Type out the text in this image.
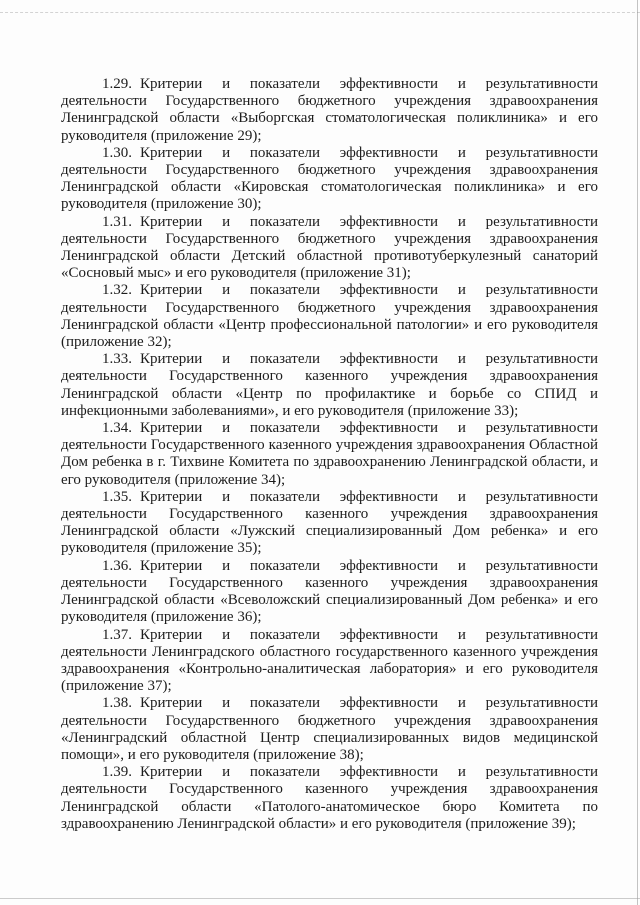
1.29. Критерии и показатели эффективности и результативности деятельности Государственного бюджетного учреждения здравоохранения Ленинградской области «Выборгская стоматологическая поликлиника» и его руководителя (приложение 29);

1.30. Критерии и показатели эффективности и результативности деятельности Государственного бюджетного учреждения здравоохранения Ленинградской области «Кировская стоматологическая поликлиника» и его руководителя (приложение 30);

1.31. Критерии и показатели эффективности и результативности деятельности Государственного бюджетного учреждения здравоохранения Ленинградской области Детский областной противотуберкулезный санаторий «Сосновый мыс» и его руководителя (приложение 31);

1.32. Критерии и показатели эффективности и результативности деятельности Государственного бюджетного учреждения здравоохранения Ленинградской области «Центр профессиональной патологии» и его руководителя (приложение 32);

1.33. Критерии и показатели эффективности и результативности деятельности Государственного казенного учреждения здравоохранения Ленинградской области «Центр по профилактике и борьбе со СПИД и инфекционными заболеваниями», и его руководителя (приложение 33);

1.34. Критерии и показатели эффективности и результативности деятельности Государственного казенного учреждения здравоохранения Областной Дом ребенка в г. Тихвине Комитета по здравоохранению Ленинградской области, и его руководителя (приложение 34);

1.35. Критерии и показатели эффективности и результативности деятельности Государственного казенного учреждения здравоохранения Ленинградской области «Лужский специализированный Дом ребенка» и его руководителя (приложение 35);

1.36. Критерии и показатели эффективности и результативности деятельности Государственного казенного учреждения здравоохранения Ленинградской области «Всеволожский специализированный Дом ребенка» и его руководителя (приложение 36);

1.37. Критерии и показатели эффективности и результативности деятельности Ленинградского областного государственного казенного учреждения здравоохранения «Контрольно-аналитическая лаборатория» и его руководителя (приложение 37);

1.38. Критерии и показатели эффективности и результативности деятельности Государственного бюджетного учреждения здравоохранения «Ленинградский областной Центр специализированных видов медицинской помощи», и его руководителя (приложение 38);

1.39. Критерии и показатели эффективности и результативности деятельности Государственного казенного учреждения здравоохранения Ленинградской области «Патолого-анатомическое бюро Комитета по здравоохранению Ленинградской области» и его руководителя (приложение 39);
